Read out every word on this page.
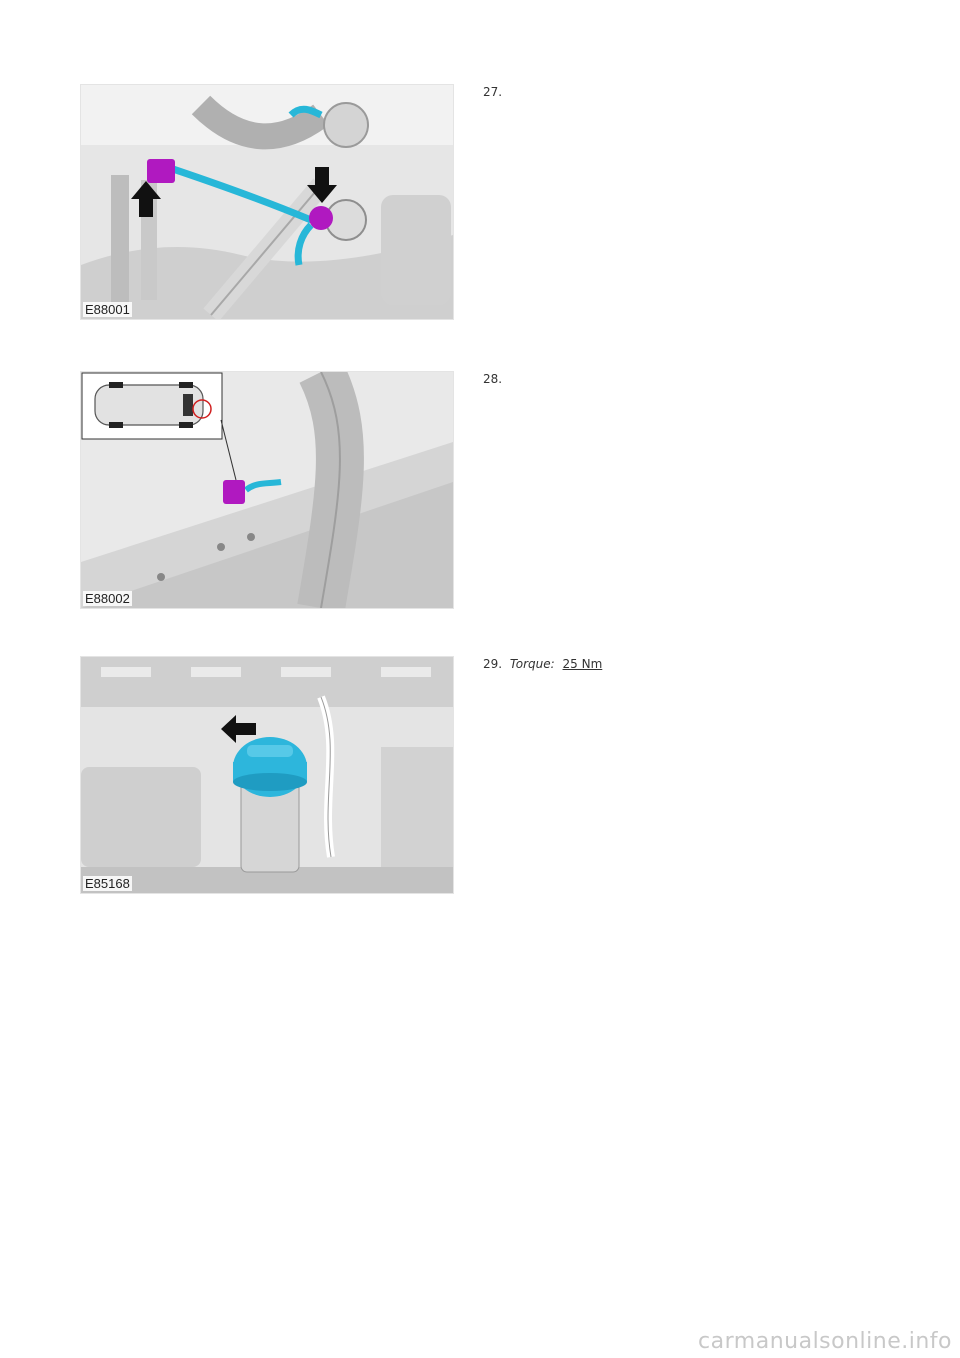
E88001
27.
E88002
28.
E85168
29. Torque: 25 Nm
carmanualsonline.info
